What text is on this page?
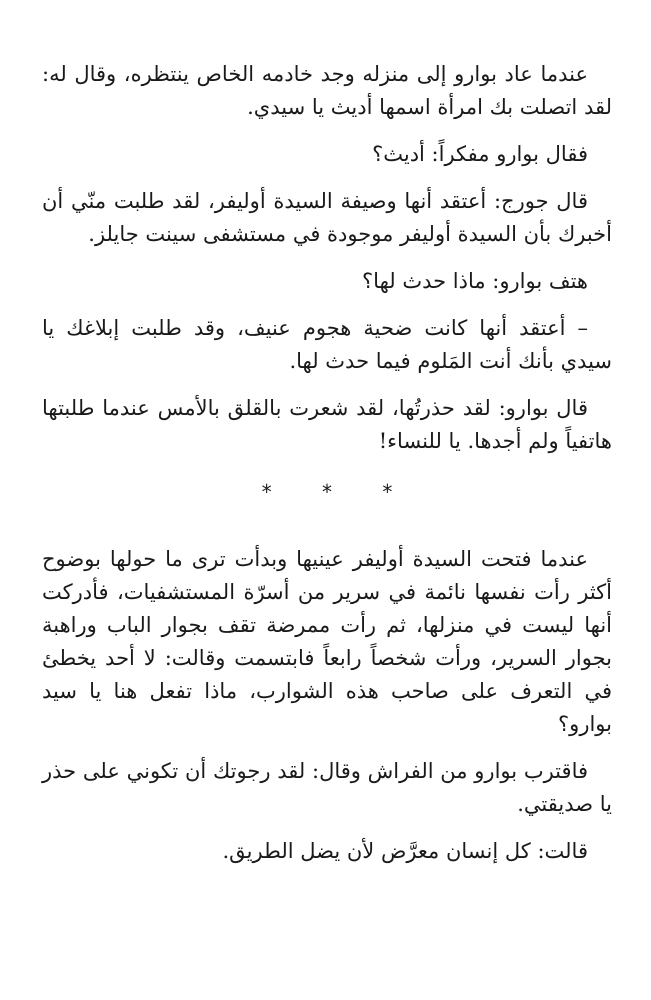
عندما عاد بوارو إلى منزله وجد خادمه الخاص ينتظره، وقال له: لقد اتصلت بك امرأة اسمها أديث يا سيدي.

فقال بوارو مفكراً: أديث؟

قال جورج: أعتقد أنها وصيفة السيدة أوليفر، لقد طلبت منّي أن أخبرك بأن السيدة أوليفر موجودة في مستشفى سينت جايلز.

هتف بوارو: ماذا حدث لها؟

– أعتقد أنها كانت ضحية هجوم عنيف، وقد طلبت إبلاغك يا سيدي بأنك أنت المَلوم فيما حدث لها.

قال بوارو: لقد حذرتُها، لقد شعرت بالقلق بالأمس عندما طلبتها هاتفياً ولم أجدها. يا للنساء!

* * *

عندما فتحت السيدة أوليفر عينيها وبدأت ترى ما حولها بوضوح أكثر رأت نفسها نائمة في سرير من أسرّة المستشفيات، فأدركت أنها ليست في منزلها، ثم رأت ممرضة تقف بجوار الباب وراهبة بجوار السرير، ورأت شخصاً رابعاً فابتسمت وقالت: لا أحد يخطئ في التعرف على صاحب هذه الشوارب، ماذا تفعل هنا يا سيد بوارو؟

فاقترب بوارو من الفراش وقال: لقد رجوتك أن تكوني على حذر يا صديقتي.

قالت: كل إنسان معرَّض لأن يضل الطريق.
